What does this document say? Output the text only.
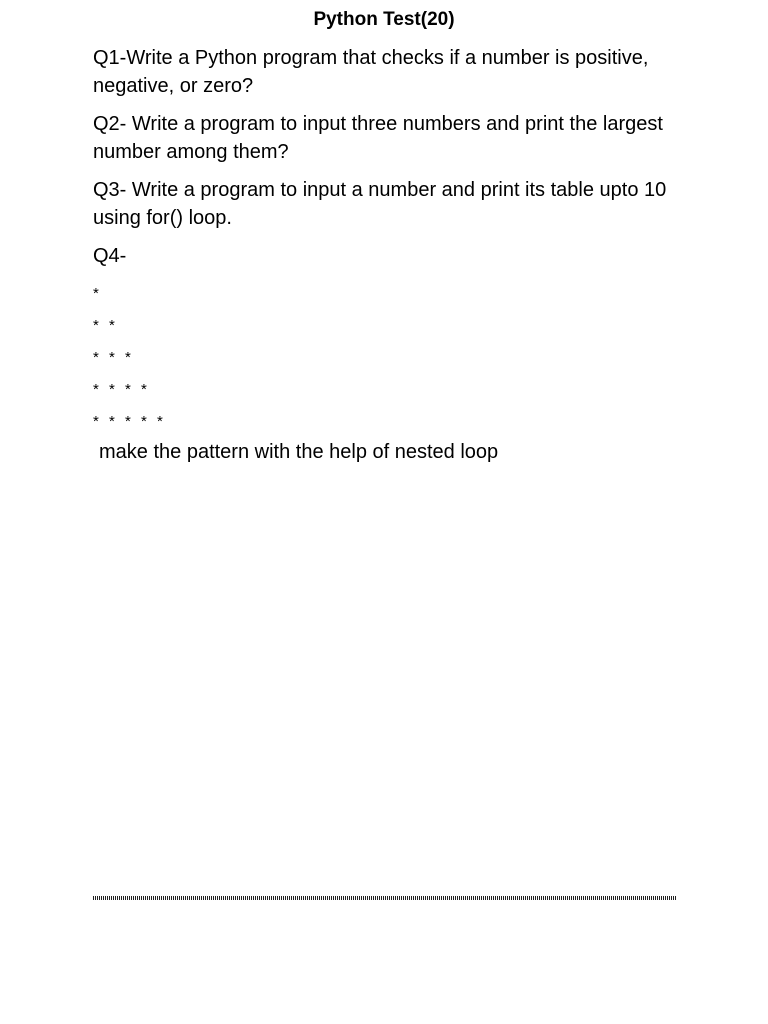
Python Test(20)

Q1-Write a Python program that checks if a number is positive, negative, or zero?

Q2- Write a program to input three numbers and print the largest number among them?

Q3- Write a program to input a number and print its table upto 10 using for() loop.

Q4-

*
* *
* * *
* * * *
* * * * *

make the pattern with the help of nested loop
